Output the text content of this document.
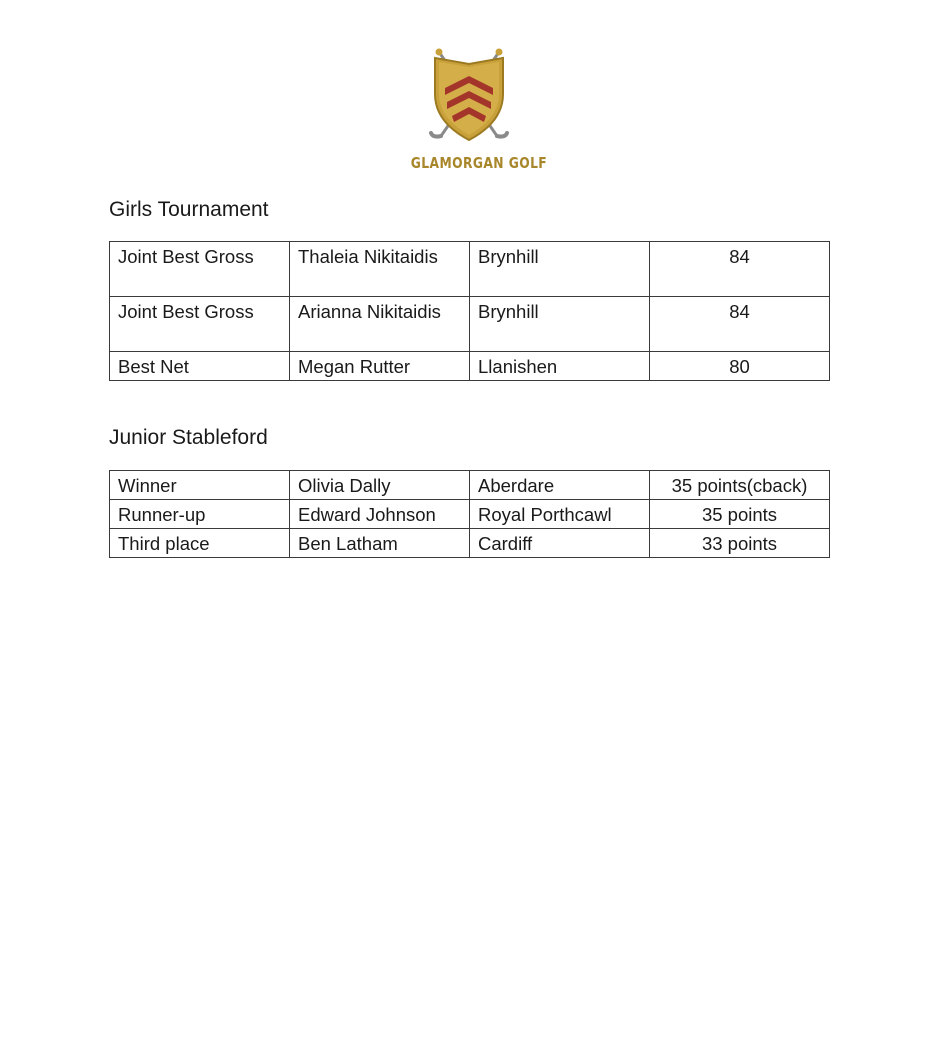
GLAMORGAN GOLF
Girls Tournament
Joint Best Gross	Thaleia Nikitaidis	Brynhill	84
Joint Best Gross	Arianna Nikitaidis	Brynhill	84
Best Net	Megan Rutter	Llanishen	80
Junior Stableford
Winner	Olivia Dally	Aberdare	35 points(cback)
Runner-up	Edward Johnson	Royal Porthcawl	35 points
Third place	Ben Latham	Cardiff	33 points
